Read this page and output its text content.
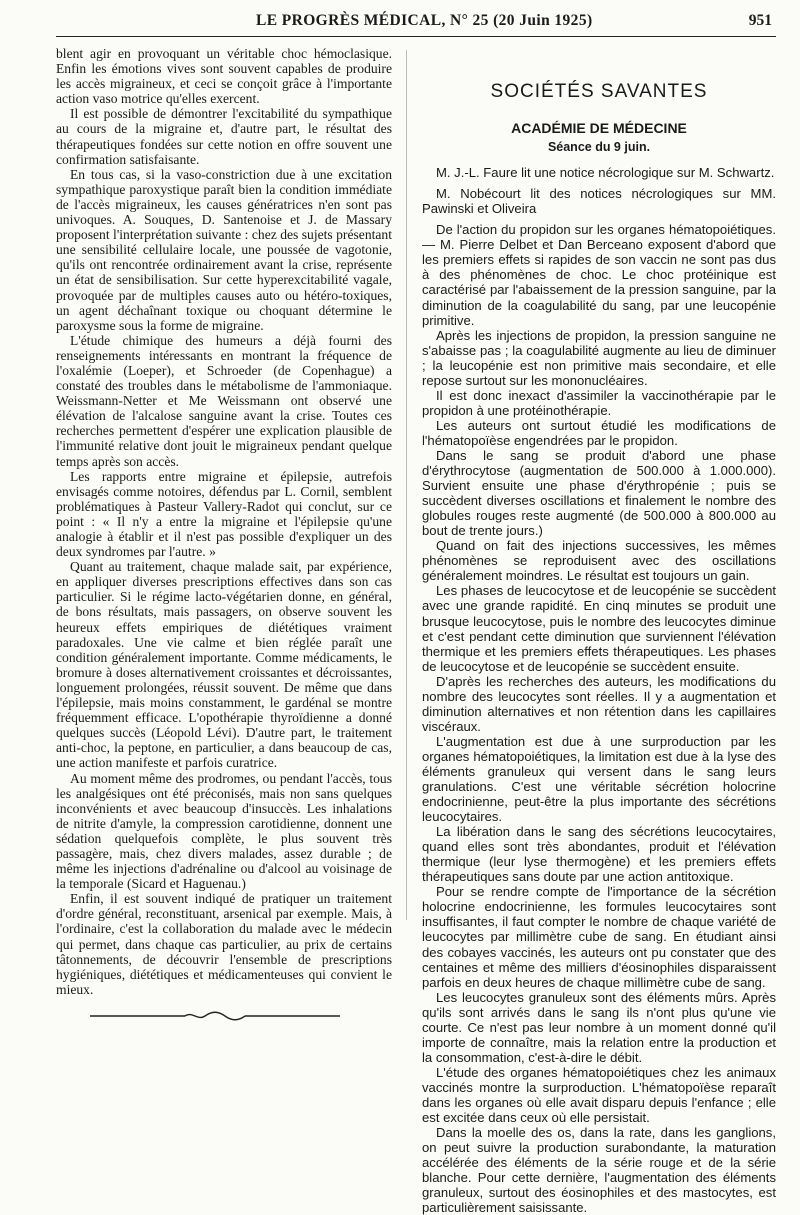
LE PROGRÈS MÉDICAL, N° 25 (20 Juin 1925)	951

blent agir en provoquant un véritable choc hémoclasique. Enfin les émotions vives sont souvent capables de produire les accès migraineux, et ceci se conçoit grâce à l'importante action vaso motrice qu'elles exercent.

Il est possible de démontrer l'excitabilité du sympathique au cours de la migraine et, d'autre part, le résultat des thérapeutiques fondées sur cette notion en offre souvent une confirmation satisfaisante.

En tous cas, si la vaso-constriction due à une excitation sympathique paroxystique paraît bien la condition immédiate de l'accès migraineux, les causes génératrices n'en sont pas univoques. A. Souques, D. Santenoise et J. de Massary proposent l'interprétation suivante : chez des sujets présentant une sensibilité cellulaire locale, une poussée de vagotonie, qu'ils ont rencontrée ordinairement avant la crise, représente un état de sensibilisation. Sur cette hyperexcitabilité vagale, provoquée par de multiples causes auto ou hétéro-toxiques, un agent déchaînant toxique ou choquant détermine le paroxysme sous la forme de migraine.

L'étude chimique des humeurs a déjà fourni des renseignements intéressants en montrant la fréquence de l'oxalémie (Loeper), et Schroeder (de Copenhague) a constaté des troubles dans le métabolisme de l'ammoniaque. Weissmann-Netter et Me Weissmann ont observé une élévation de l'alcalose sanguine avant la crise. Toutes ces recherches permettent d'espérer une explication plausible de l'immunité relative dont jouit le migraineux pendant quelque temps après son accès.

Les rapports entre migraine et épilepsie, autrefois envisagés comme notoires, défendus par L. Cornil, semblent problématiques à Pasteur Vallery-Radot qui conclut, sur ce point : « Il n'y a entre la migraine et l'épilepsie qu'une analogie à établir et il n'est pas possible d'expliquer un des deux syndromes par l'autre. »

Quant au traitement, chaque malade sait, par expérience, en appliquer diverses prescriptions effectives dans son cas particulier. Si le régime lacto-végétarien donne, en général, de bons résultats, mais passagers, on observe souvent les heureux effets empiriques de diététiques vraiment paradoxales. Une vie calme et bien réglée paraît une condition généralement importante. Comme médicaments, le bromure à doses alternativement croissantes et décroissantes, longuement prolongées, réussit souvent. De même que dans l'épilepsie, mais moins constamment, le gardénal se montre fréquemment efficace. L'opothérapie thyroïdienne a donné quelques succès (Léopold Lévi). D'autre part, le traitement anti-choc, la peptone, en particulier, a dans beaucoup de cas, une action manifeste et parfois curatrice.

Au moment même des prodromes, ou pendant l'accès, tous les analgésiques ont été préconisés, mais non sans quelques inconvénients et avec beaucoup d'insuccès. Les inhalations de nitrite d'amyle, la compression carotidienne, donnent une sédation quelquefois complète, le plus souvent très passagère, mais, chez divers malades, assez durable ; de même les injections d'adrénaline ou d'alcool au voisinage de la temporale (Sicard et Haguenau.)

Enfin, il est souvent indiqué de pratiquer un traitement d'ordre général, reconstituant, arsenical par exemple. Mais, à l'ordinaire, c'est la collaboration du malade avec le médecin qui permet, dans chaque cas particulier, au prix de certains tâtonnements, de découvrir l'ensemble de prescriptions hygiéniques, diététiques et médicamenteuses qui convient le mieux.

SOCIÉTÉS SAVANTES
ACADÉMIE DE MÉDECINE
Séance du 9 juin.

M. J.-L. Faure lit une notice nécrologique sur M. Schwartz.

M. Nobécourt lit des notices nécrologiques sur MM. Pawinski et Oliveira

De l'action du propidon sur les organes hématopoiétiques. — M. Pierre Delbet et Dan Berceano exposent d'abord que les premiers effets si rapides de son vaccin ne sont pas dus à des phénomènes de choc. Le choc protéinique est caractérisé par l'abaissement de la pression sanguine, par la diminution de la coagulabilité du sang, par une leucopénie primitive.

Après les injections de propidon, la pression sanguine ne s'abaisse pas ; la coagulabilité augmente au lieu de diminuer ; la leucopénie est non primitive mais secondaire, et elle repose surtout sur les mononucléaires.

Il est donc inexact d'assimiler la vaccinothérapie par le propidon à une protéinothérapie.

Les auteurs ont surtout étudié les modifications de l'hématopoïèse engendrées par le propidon.

Dans le sang se produit d'abord une phase d'érythrocytose (augmentation de 500.000 à 1.000.000). Survient ensuite une phase d'érythropénie ; puis se succèdent diverses oscillations et finalement le nombre des globules rouges reste augmenté (de 500.000 à 800.000 au bout de trente jours.)

Quand on fait des injections successives, les mêmes phénomènes se reproduisent avec des oscillations généralement moindres. Le résultat est toujours un gain.

Les phases de leucocytose et de leucopénie se succèdent avec une grande rapidité. En cinq minutes se produit une brusque leucocytose, puis le nombre des leucocytes diminue et c'est pendant cette diminution que surviennent l'élévation thermique et les premiers effets thérapeutiques. Les phases de leucocytose et de leucopénie se succèdent ensuite.

D'après les recherches des auteurs, les modifications du nombre des leucocytes sont réelles. Il y a augmentation et diminution alternatives et non rétention dans les capillaires viscéraux.

L'augmentation est due à une surproduction par les organes hématopoiétiques, la limitation est due à la lyse des éléments granuleux qui versent dans le sang leurs granulations. C'est une véritable sécrétion holocrine endocrinienne, peut-être la plus importante des sécrétions leucocytaires.

La libération dans le sang des sécrétions leucocytaires, quand elles sont très abondantes, produit et l'élévation thermique (leur lyse thermogène) et les premiers effets thérapeutiques sans doute par une action antitoxique.

Pour se rendre compte de l'importance de la sécrétion holocrine endocrinienne, les formules leucocytaires sont insuffisantes, il faut compter le nombre de chaque variété de leucocytes par millimètre cube de sang. En étudiant ainsi des cobayes vaccinés, les auteurs ont pu constater que des centaines et même des milliers d'éosinophiles disparaissent parfois en deux heures de chaque millimètre cube de sang.

Les leucocytes granuleux sont des éléments mûrs. Après qu'ils sont arrivés dans le sang ils n'ont plus qu'une vie courte. Ce n'est pas leur nombre à un moment donné qu'il importe de connaître, mais la relation entre la production et la consommation, c'est-à-dire le débit.

L'étude des organes hématopoiétiques chez les animaux vaccinés montre la surproduction. L'hématopoïèse reparaît dans les organes où elle avait disparu depuis l'enfance ; elle est excitée dans ceux où elle persistait.

Dans la moelle des os, dans la rate, dans les ganglions, on peut suivre la production surabondante, la maturation accélérée des éléments de la série rouge et de la série blanche. Pour cette dernière, l'augmentation des éléments granuleux, surtout des éosinophiles et des mastocytes, est particulièrement saisissante.
